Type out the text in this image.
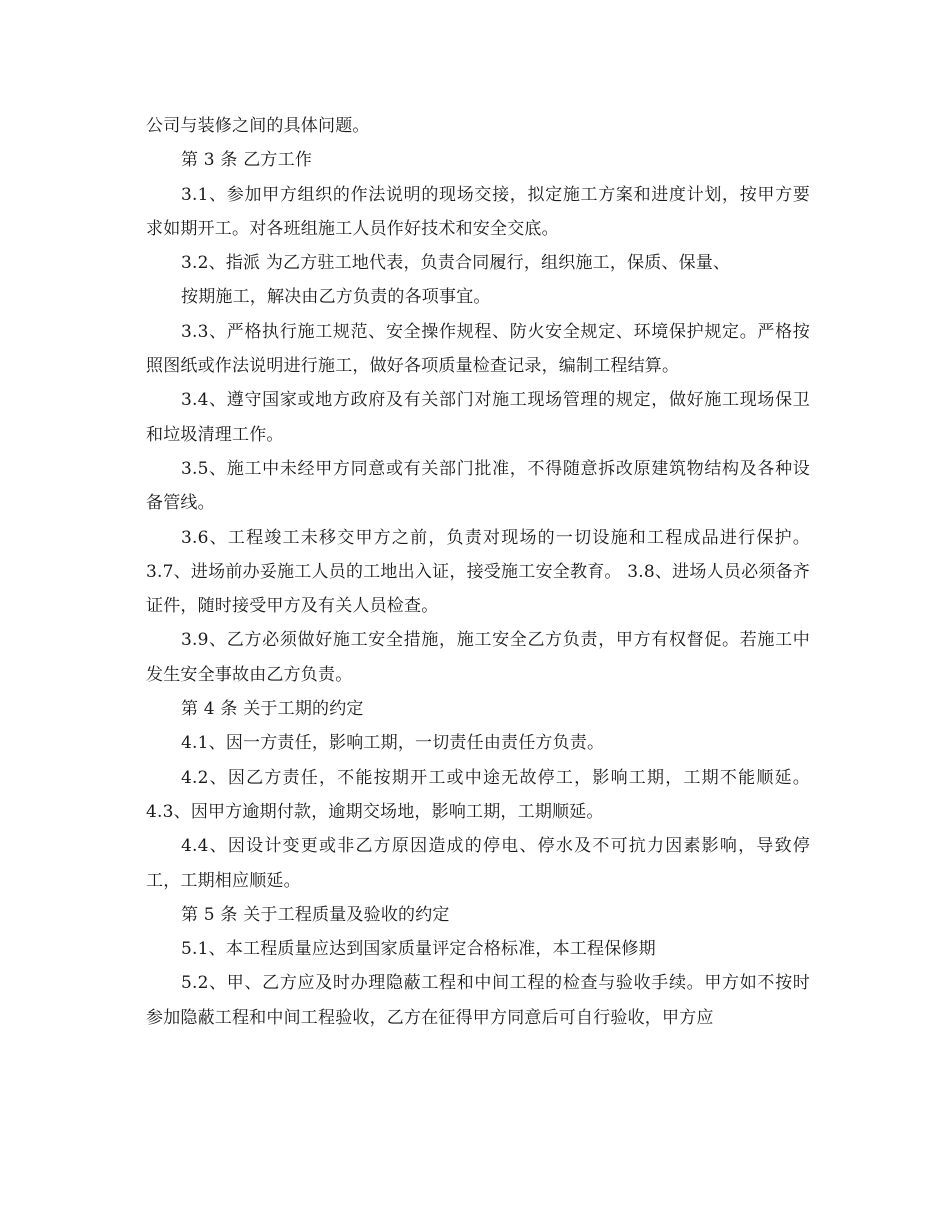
公司与装修之间的具体问题。

第 3 条 乙方工作

3.1、参加甲方组织的作法说明的现场交接，拟定施工方案和进度计划，按甲方要求如期开工。对各班组施工人员作好技术和安全交底。

3.2、指派 为乙方驻工地代表，负责合同履行，组织施工，保质、保量、

按期施工，解决由乙方负责的各项事宜。

3.3、严格执行施工规范、安全操作规程、防火安全规定、环境保护规定。严格按照图纸或作法说明进行施工，做好各项质量检查记录，编制工程结算。

3.4、遵守国家或地方政府及有关部门对施工现场管理的规定，做好施工现场保卫和垃圾清理工作。

3.5、施工中未经甲方同意或有关部门批准，不得随意拆改原建筑物结构及各种设备管线。

3.6、工程竣工未移交甲方之前，负责对现场的一切设施和工程成品进行保护。 3.7、进场前办妥施工人员的工地出入证，接受施工安全教育。 3.8、进场人员必须备齐证件，随时接受甲方及有关人员检查。

3.9、乙方必须做好施工安全措施，施工安全乙方负责，甲方有权督促。若施工中发生安全事故由乙方负责。

第 4 条 关于工期的约定

4.1、因一方责任，影响工期，一切责任由责任方负责。

4.2、因乙方责任，不能按期开工或中途无故停工，影响工期，工期不能顺延。 4.3、因甲方逾期付款，逾期交场地，影响工期，工期顺延。

4.4、因设计变更或非乙方原因造成的停电、停水及不可抗力因素影响，导致停工，工期相应顺延。

第 5 条 关于工程质量及验收的约定

5.1、本工程质量应达到国家质量评定合格标准，本工程保修期

5.2、甲、乙方应及时办理隐蔽工程和中间工程的检查与验收手续。甲方如不按时参加隐蔽工程和中间工程验收，乙方在征得甲方同意后可自行验收，甲方应
